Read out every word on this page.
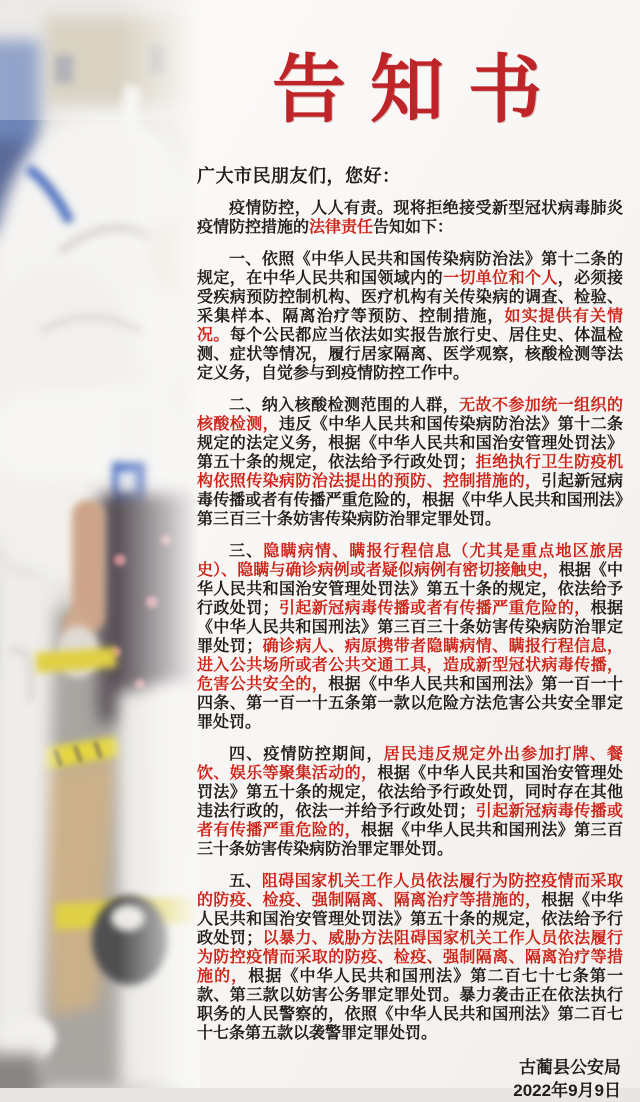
告知书
广大市民朋友们，您好：

疫情防控，人人有责。现将拒绝接受新型冠状病毒肺炎疫情防控措施的法律责任告知如下：

一、依照《中华人民共和国传染病防治法》第十二条的规定，在中华人民共和国领域内的一切单位和个人，必须接受疾病预防控制机构、医疗机构有关传染病的调查、检验、采集样本、隔离治疗等预防、控制措施，如实提供有关情况。每个公民都应当依法如实报告旅行史、居住史、体温检测、症状等情况，履行居家隔离、医学观察，核酸检测等法定义务，自觉参与到疫情防控工作中。

二、纳入核酸检测范围的人群，无故不参加统一组织的核酸检测，违反《中华人民共和国传染病防治法》第十二条规定的法定义务，根据《中华人民共和国治安管理处罚法》第五十条的规定，依法给予行政处罚；拒绝执行卫生防疫机构依照传染病防治法提出的预防、控制措施的，引起新冠病毒传播或者有传播严重危险的，根据《中华人民共和国刑法》第三百三十条妨害传染病防治罪定罪处罚。

三、隐瞒病情、瞒报行程信息（尤其是重点地区旅居史）、隐瞒与确诊病例或者疑似病例有密切接触史，根据《中华人民共和国治安管理处罚法》第五十条的规定，依法给予行政处罚；引起新冠病毒传播或者有传播严重危险的，根据《中华人民共和国刑法》第三百三十条妨害传染病防治罪定罪处罚；确诊病人、病原携带者隐瞒病情、瞒报行程信息，进入公共场所或者公共交通工具，造成新型冠状病毒传播，危害公共安全的，根据《中华人民共和国刑法》第一百一十四条、第一百一十五条第一款以危险方法危害公共安全罪定罪处罚。

四、疫情防控期间，居民违反规定外出参加打牌、餐饮、娱乐等聚集活动的，根据《中华人民共和国治安管理处罚法》第五十条的规定，依法给予行政处罚，同时存在其他违法行政的，依法一并给予行政处罚；引起新冠病毒传播或者有传播严重危险的，根据《中华人民共和国刑法》第三百三十条妨害传染病防治罪定罪处罚。

五、阻碍国家机关工作人员依法履行为防控疫情而采取的防疫、检疫、强制隔离、隔离治疗等措施的，根据《中华人民共和国治安管理处罚法》第五十条的规定，依法给予行政处罚；以暴力、威胁方法阻碍国家机关工作人员依法履行为防控疫情而采取的防疫、检疫、强制隔离、隔离治疗等措施的，根据《中华人民共和国刑法》第二百七十七条第一款、第三款以妨害公务罪定罪处罚。暴力袭击正在依法执行职务的人民警察的，依照《中华人民共和国刑法》第二百七十七条第五款以袭警罪定罪处罚。

古蔺县公安局
2022年9月9日
